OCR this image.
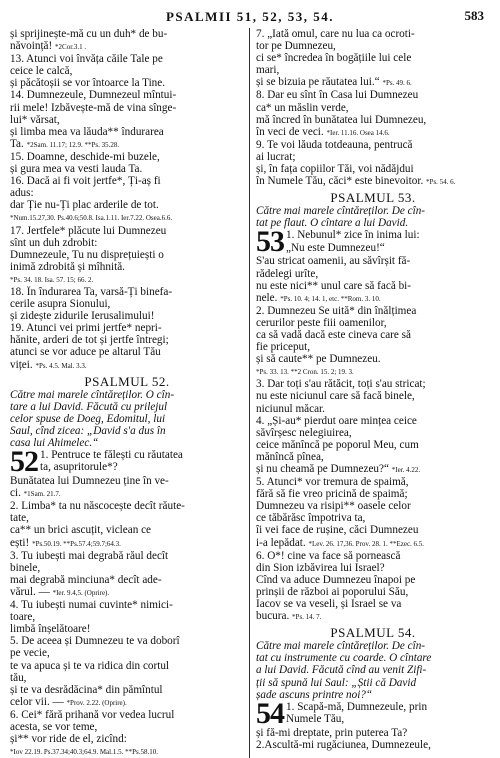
PSALMII 51, 52, 53, 54.	583
și sprijinește-mă cu un duh* de bu-
năvoință! *2Cor.3.1 .
13. Atunci voi învăța căile Tale pe
ceice le calcă,
și păcătoșii se vor întoarce la Tine.
14. Dumnezeule, Dumnezeul mîntui-
rii mele! Izbăvește-mă de vina sînge-
lui* vărsat,
și limba mea va lăuda** îndurarea
Ta. *2Sam. 11.17; 12.9. **Ps. 35.28.
15. Doamne, deschide-mi buzele,
și gura mea va vesti lauda Ta.
16. Dacă ai fi voit jertfe*, Ți-aș fi
adus:
dar Ție nu-Ți plac arderile de tot.
*Num.15.27,30. Ps.40.6;50.8. Isa.1.11. Ier.7.22. Osea.6.6.
17. Jertfele* plăcute lui Dumnezeu
sînt un duh zdrobit:
Dumnezeule, Tu nu disprețuiești o
inimă zdrobită și mîhnită.
*Ps. 34. 18. Isa. 57. 15; 66. 2.
18. În îndurarea Ta, varsă-Ți binefa-
cerile asupra Sionului,
și zidește zidurile Ierusalimului!
19. Atunci vei primi jertfe* nepri-
hănite, arderi de tot și jertfe întregi;
atunci se vor aduce pe altarul Tău
viței. *Ps. 4.5. Mal. 3.3.
PSALMUL 52.
Către mai marele cîntăreților. O cîn-
tare a lui David. Făcută cu prilejul
celor spuse de Doeg, Edomitul, lui
Saul, cînd zicea: „David s'a dus în
casa lui Ahimelec.“
52 1. Pentruce te fălești cu răutatea
ta, asupritorule*?
Bunătatea lui Dumnezeu ține în ve-
ci. *1Sam. 21.7.
2. Limba* ta nu născocește decît răute-
tate,
ca** un brici ascuțit, viclean ce
ești! *Ps.50.19. **Ps.57.4;59.7;64.3.
3. Tu iubești mai degrabă răul decît
binele,
mai degrabă minciuna* decît ade-
vărul. — *Ier. 9.4,5. (Oprire).
4. Tu iubești numai cuvinte* nimici-
toare,
limbă înșelătoare!
5. De aceea și Dumnezeu te va doborî
pe vecie,
te va apuca și te va ridica din cortul
tău,
și te va desrădăcina* din pămîntul
celor vii. — *Prov. 2.22. (Oprire).
6. Cei* fără prihană vor vedea lucrul
acesta, se vor teme,
și** vor ride de el, zicînd:
*Iov 22.19. Ps.37.34;40.3;64.9. Mal.1.5. **Ps.58.10.
7. „Iată omul, care nu lua ca ocroti-
tor pe Dumnezeu,
ci se* încredea în bogățiile lui cele
mari,
și se bizuia pe răutatea lui.“ *Ps. 49. 6.
8. Dar eu sînt în Casa lui Dumnezeu
ca* un măslin verde,
mă încred în bunătatea lui Dumnezeu,
în veci de veci. *Ier. 11.16. Osea 14.6.
9. Te voi lăuda totdeauna, pentrucă
ai lucrat;
și, în fața copiilor Tăi, voi nădăjdui
în Numele Tău, căci* este binevoitor. *Ps. 54. 6.
PSALMUL 53.
Către mai marele cîntăreților. De cîn-
tat pe flaut. O cîntare a lui David.
53 1. Nebunul* zice în inima lui:
„Nu este Dumnezeu!“
S'au stricat oamenii, au săvîrșit fă-
rădelegi urîte,
nu este nici** unul care să facă bi-
nele. *Ps. 10. 4; 14. 1, etc. **Rom. 3. 10.
2. Dumnezeu Se uită* din înălțimea
cerurilor peste fiii oamenilor,
ca să vadă dacă este cineva care să
fie priceput,
și să caute** pe Dumnezeu.
*Ps. 33. 13. **2 Cron. 15. 2; 19. 3.
3. Dar toți s'au rătăcit, toți s'au stricat;
nu este niciunul care să facă binele,
niciunul măcar.
4. „Și-au* pierdut oare mințea ceice
săvîrșesc nelegiuirea,
ceice mănîncă pe poporul Meu, cum
mănîncă pînea,
și nu cheamă pe Dumnezeu?“ *Ier. 4.22.
5. Atunci* vor tremura de spaimă,
fără să fie vreo pricină de spaimă;
Dumnezeu va risipi** oasele celor
ce tăbărăsc împotriva ta,
îi vei face de rușine, căci Dumnezeu
i-a lepădat. *Lev. 26. 17,36. Prov. 28. 1. **Ezec. 6.5.
6. O*! cine va face să pornească
din Sion izbăvirea lui Israel?
Cînd va aduce Dumnezeu înapoi pe
prinșii de război ai poporului Său,
Iacov se va veseli, și Israel se va
bucura. *Ps. 14. 7.
PSALMUL 54.
Către mai marele cîntăreților. De cîn-
tat cu instrumente cu coarde. O cîntare
a lui David. Făcută cînd au venit Zifi-
ții să spună lui Saul: „Știi că David
șade ascuns printre noi?“
54 1. Scapă-mă, Dumnezeule, prin
Numele Tău,
și fă-mi dreptate, prin puterea Ta?
2.Ascultă-mi rugăciunea, Dumnezeule,
